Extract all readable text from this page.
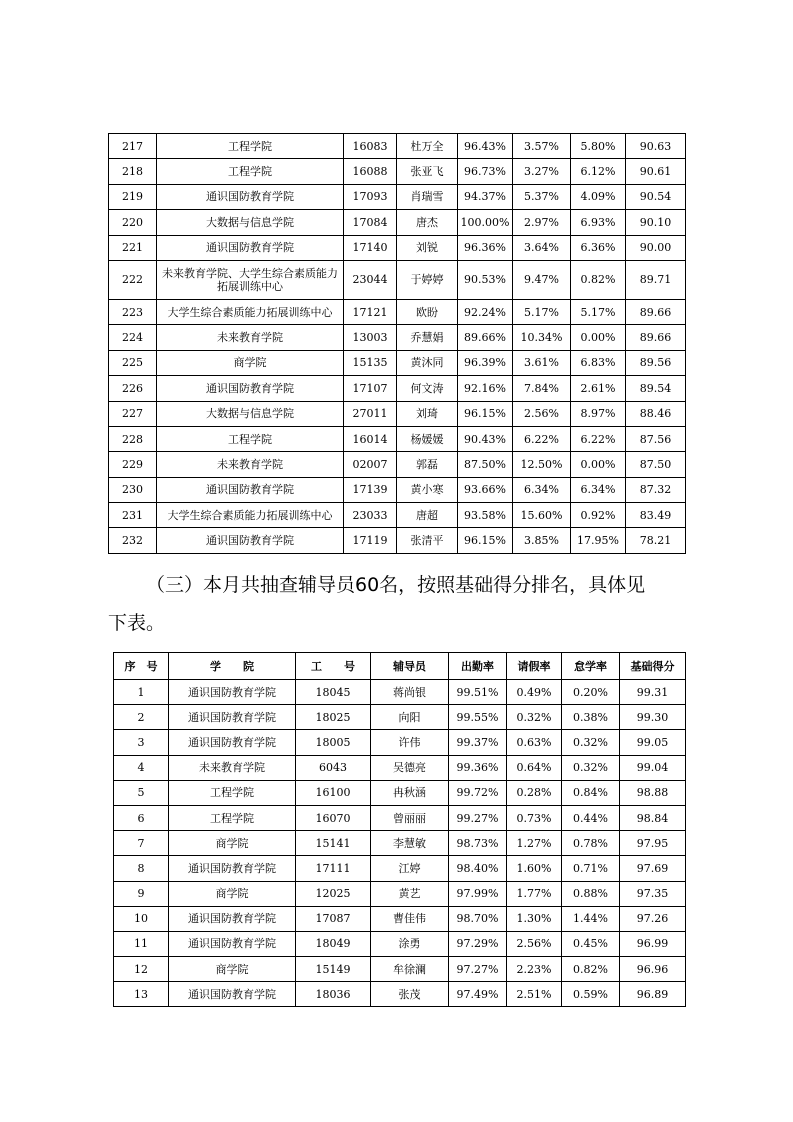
217	工程学院	16083	杜万全	96.43%	3.57%	5.80%	90.63
218	工程学院	16088	张亚飞	96.73%	3.27%	6.12%	90.61
219	通识国防教育学院	17093	肖瑞雪	94.37%	5.37%	4.09%	90.54
220	大数据与信息学院	17084	唐杰	100.00%	2.97%	6.93%	90.10
221	通识国防教育学院	17140	刘锐	96.36%	3.64%	6.36%	90.00
222	未来教育学院、大学生综合素质能力拓展训练中心	23044	于婷婷	90.53%	9.47%	0.82%	89.71
223	大学生综合素质能力拓展训练中心	17121	欧盼	92.24%	5.17%	5.17%	89.66
224	未来教育学院	13003	乔慧娟	89.66%	10.34%	0.00%	89.66
225	商学院	15135	黄沐同	96.39%	3.61%	6.83%	89.56
226	通识国防教育学院	17107	何文涛	92.16%	7.84%	2.61%	89.54
227	大数据与信息学院	27011	刘琦	96.15%	2.56%	8.97%	88.46
228	工程学院	16014	杨媛媛	90.43%	6.22%	6.22%	87.56
229	未来教育学院	02007	郭磊	87.50%	12.50%	0.00%	87.50
230	通识国防教育学院	17139	黄小寒	93.66%	6.34%	6.34%	87.32
231	大学生综合素质能力拓展训练中心	23033	唐超	93.58%	15.60%	0.92%	83.49
232	通识国防教育学院	17119	张清平	96.15%	3.85%	17.95%	78.21

（三）本月共抽查辅导员60名，按照基础得分排名，具体见

下表。

序　号	学　　院	工　　号	辅导员	出勤率	请假率	怠学率	基础得分
1	通识国防教育学院	18045	蒋尚银	99.51%	0.49%	0.20%	99.31
2	通识国防教育学院	18025	向阳	99.55%	0.32%	0.38%	99.30
3	通识国防教育学院	18005	许伟	99.37%	0.63%	0.32%	99.05
4	未来教育学院	6043	吴德亮	99.36%	0.64%	0.32%	99.04
5	工程学院	16100	冉秋涵	99.72%	0.28%	0.84%	98.88
6	工程学院	16070	曾丽丽	99.27%	0.73%	0.44%	98.84
7	商学院	15141	李慧敏	98.73%	1.27%	0.78%	97.95
8	通识国防教育学院	17111	江婷	98.40%	1.60%	0.71%	97.69
9	商学院	12025	黄艺	97.99%	1.77%	0.88%	97.35
10	通识国防教育学院	17087	曹佳伟	98.70%	1.30%	1.44%	97.26
11	通识国防教育学院	18049	涂勇	97.29%	2.56%	0.45%	96.99
12	商学院	15149	牟徐澜	97.27%	2.23%	0.82%	96.96
13	通识国防教育学院	18036	张茂	97.49%	2.51%	0.59%	96.89
